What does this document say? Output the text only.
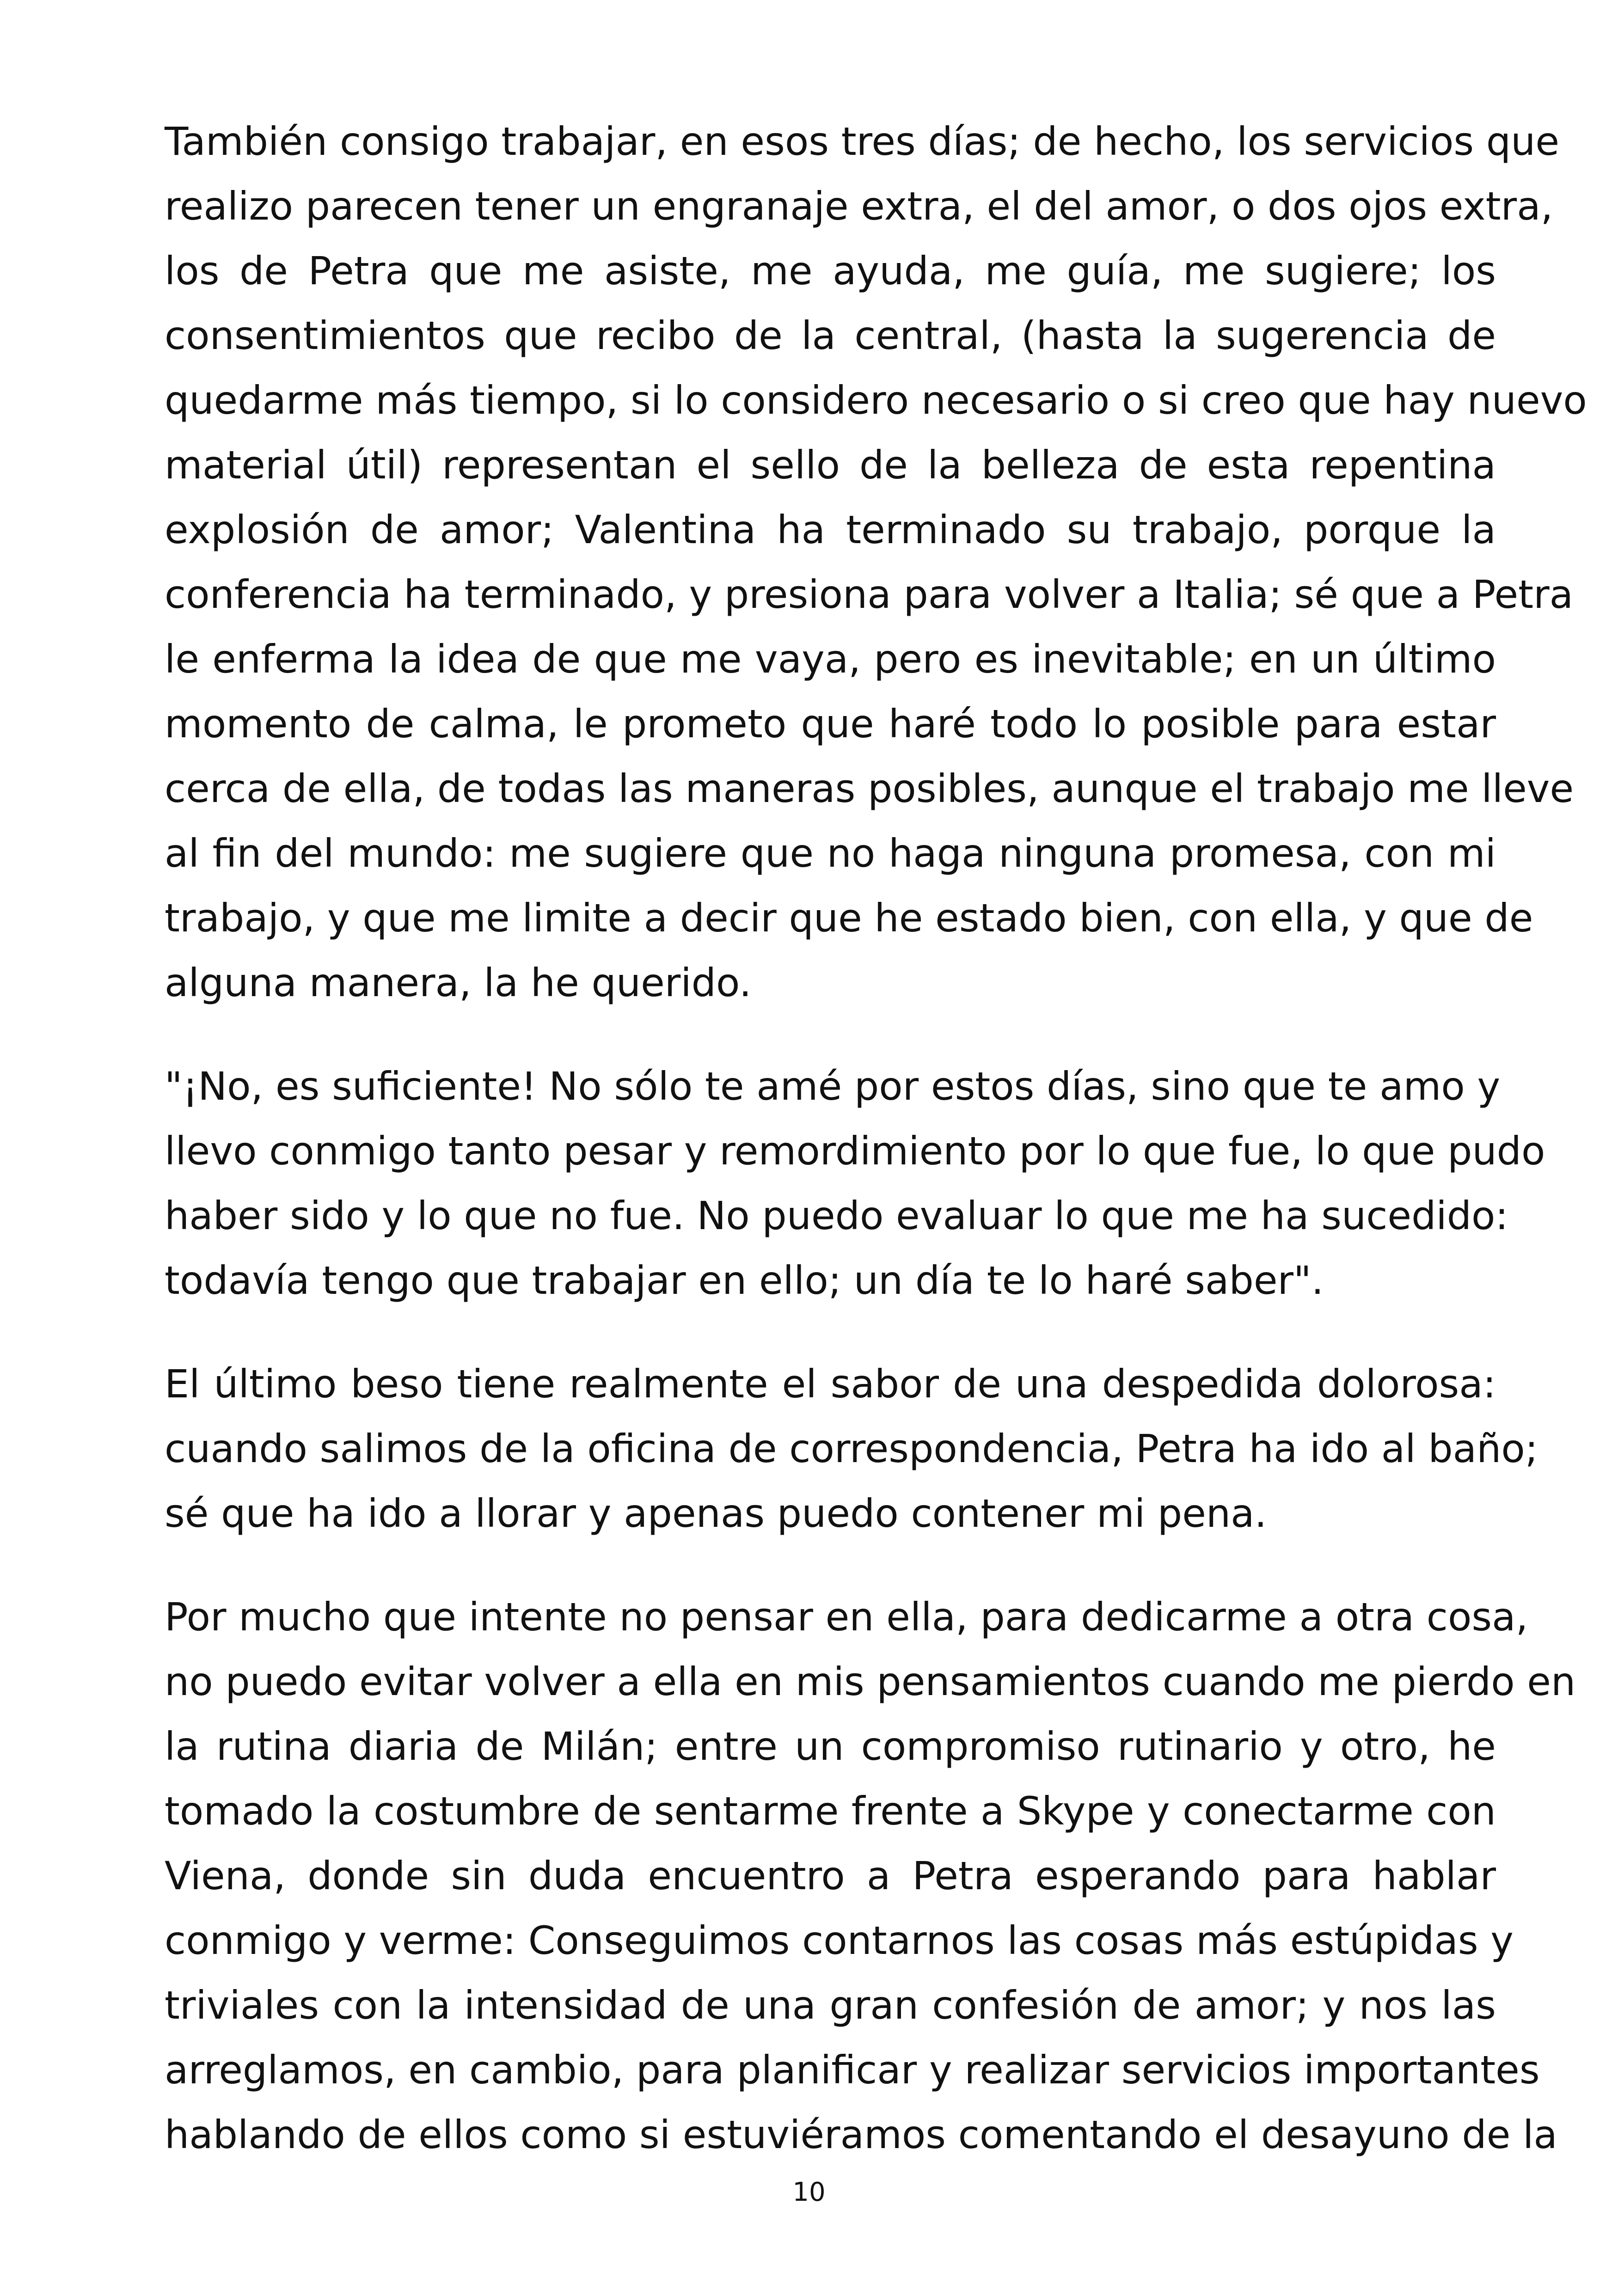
También consigo trabajar, en esos tres días; de hecho, los servicios que
realizo parecen tener un engranaje extra, el del amor, o dos ojos extra,
los de Petra que me asiste, me ayuda, me guía, me sugiere; los
consentimientos que recibo de la central, (hasta la sugerencia de
quedarme más tiempo, si lo considero necesario o si creo que hay nuevo
material útil) representan el sello de la belleza de esta repentina
explosión de amor; Valentina ha terminado su trabajo, porque la
conferencia ha terminado, y presiona para volver a Italia; sé que a Petra
le enferma la idea de que me vaya, pero es inevitable; en un último
momento de calma, le prometo que haré todo lo posible para estar
cerca de ella, de todas las maneras posibles, aunque el trabajo me lleve
al fin del mundo: me sugiere que no haga ninguna promesa, con mi
trabajo, y que me limite a decir que he estado bien, con ella, y que de
alguna manera, la he querido.

"¡No, es suficiente! No sólo te amé por estos días, sino que te amo y
llevo conmigo tanto pesar y remordimiento por lo que fue, lo que pudo
haber sido y lo que no fue. No puedo evaluar lo que me ha sucedido:
todavía tengo que trabajar en ello; un día te lo haré saber".

El último beso tiene realmente el sabor de una despedida dolorosa:
cuando salimos de la oficina de correspondencia, Petra ha ido al baño;
sé que ha ido a llorar y apenas puedo contener mi pena.

Por mucho que intente no pensar en ella, para dedicarme a otra cosa,
no puedo evitar volver a ella en mis pensamientos cuando me pierdo en
la rutina diaria de Milán; entre un compromiso rutinario y otro, he
tomado la costumbre de sentarme frente a Skype y conectarme con
Viena, donde sin duda encuentro a Petra esperando para hablar
conmigo y verme: Conseguimos contarnos las cosas más estúpidas y
triviales con la intensidad de una gran confesión de amor; y nos las
arreglamos, en cambio, para planificar y realizar servicios importantes
hablando de ellos como si estuviéramos comentando el desayuno de la

10
